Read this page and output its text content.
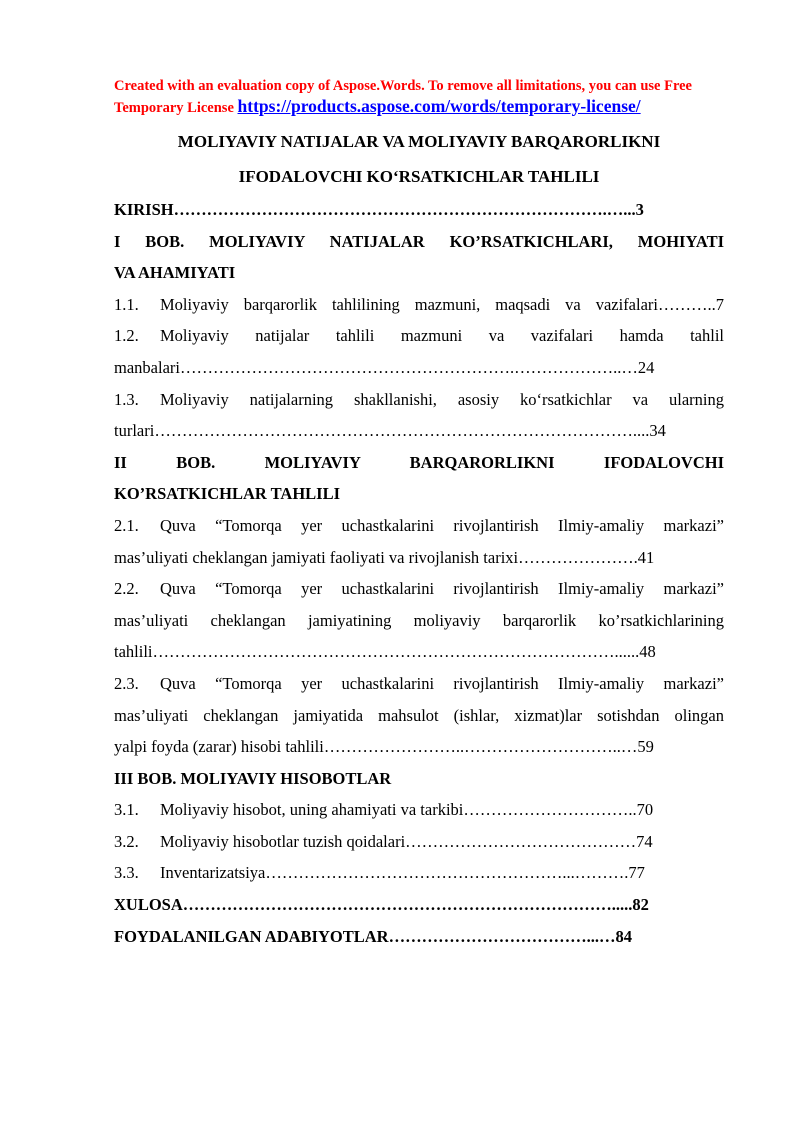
Created with an evaluation copy of Aspose.Words. To remove all limitations, you can use Free Temporary License https://products.aspose.com/words/temporary-license/

MOLIYAVIY NATIJALAR VA MOLIYAVIY BARQARORLIKNI
IFODALOVCHI KO‘RSATKICHLAR TAHLILI

KIRISH…………………………………………………………………….…...3

I BOB. MOLIYAVIY NATIJALAR KO’RSATKICHLARI, MOHIYATI

VA AHAMIYATI

1.1. Moliyaviy barqarorlik tahlilining mazmuni, maqsadi va vazifalari………..7

1.2. Moliyaviy natijalar tahlili mazmuni va vazifalari hamda tahlil

manbalari…………………………………………………….………………..…24

1.3. Moliyaviy natijalarning shakllanishi, asosiy ko‘rsatkichlar va ularning

turlari……………………………………………………………………………....34

II BOB. MOLIYAVIY BARQARORLIKNI IFODALOVCHI

KO’RSATKICHLAR TAHLILI

2.1. Quva “Tomorqa yer uchastkalarini rivojlantirish Ilmiy-amaliy markazi”

mas’uliyati cheklangan jamiyati faoliyati va rivojlanish tarixi………………….41

2.2. Quva “Tomorqa yer uchastkalarini rivojlantirish Ilmiy-amaliy markazi”

mas’uliyati cheklangan jamiyatining moliyaviy barqarorlik ko’rsatkichlarining

tahlili…………………………………………………………………………......48

2.3. Quva “Tomorqa yer uchastkalarini rivojlantirish Ilmiy-amaliy markazi”

mas’uliyati cheklangan jamiyatida mahsulot (ishlar, xizmat)lar sotishdan olingan

yalpi foyda (zarar) hisobi tahlili……………………..………………………..…59

III BOB. MOLIYAVIY HISOBOTLAR

3.1. Moliyaviy hisobot, uning ahamiyati va tarkibi…………………………..70

3.2. Moliyaviy hisobotlar tuzish qoidalari……………………………………74

3.3. Inventarizatsiya………………………………………………...……….77

XULOSA…………………………………………………………………….....82

FOYDALANILGAN ADABIYOTLAR………………………………...…84
